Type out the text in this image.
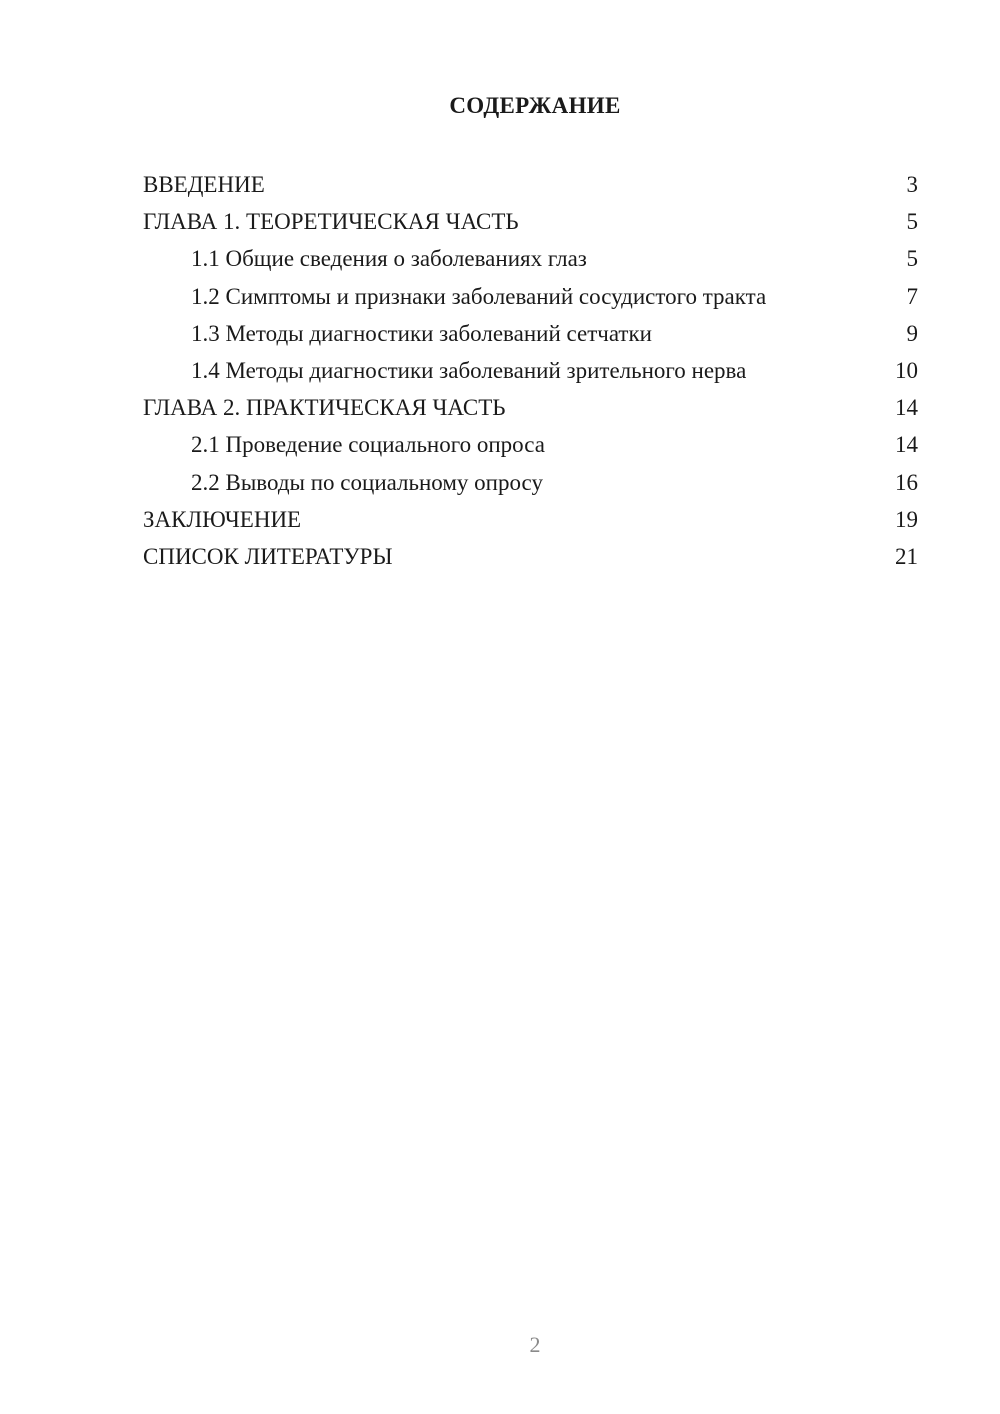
СОДЕРЖАНИЕ
ВВЕДЕНИЕ	3
ГЛАВА 1. ТЕОРЕТИЧЕСКАЯ ЧАСТЬ	5
1.1 Общие сведения о заболеваниях глаз	5
1.2 Симптомы и признаки заболеваний сосудистого тракта	7
1.3 Методы диагностики заболеваний сетчатки	9
1.4 Методы диагностики заболеваний зрительного нерва	10
ГЛАВА 2. ПРАКТИЧЕСКАЯ ЧАСТЬ	14
2.1 Проведение социального опроса	14
2.2 Выводы по социальному опросу	16
ЗАКЛЮЧЕНИЕ	19
СПИСОК ЛИТЕРАТУРЫ	21
2
